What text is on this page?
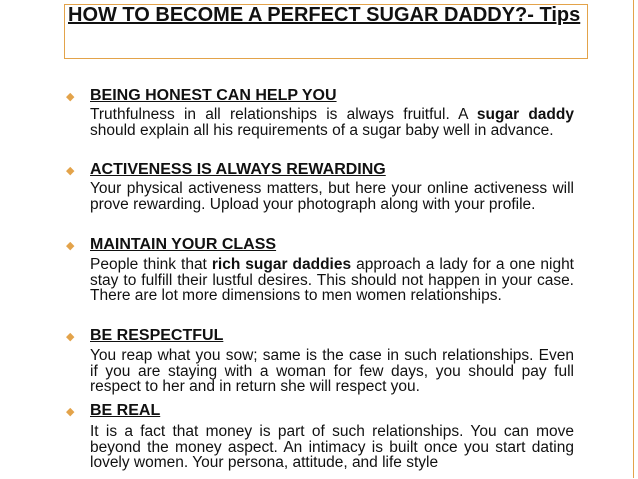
HOW TO BECOME A PERFECT SUGAR DADDY?- Tips
◆ BEING HONEST CAN HELP YOU

Truthfulness in all relationships is always fruitful. A sugar daddy should explain all his requirements of a sugar baby well in advance.

◆ ACTIVENESS IS ALWAYS REWARDING

Your physical activeness matters, but here your online activeness will prove rewarding. Upload your photograph along with your profile.

◆ MAINTAIN YOUR CLASS

People think that rich sugar daddies approach a lady for a one night stay to fulfill their lustful desires. This should not happen in your case. There are lot more dimensions to men women relationships.

◆ BE RESPECTFUL

You reap what you sow; same is the case in such relationships. Even if you are staying with a woman for few days, you should pay full respect to her and in return she will respect you.

◆ BE REAL

It is a fact that money is part of such relationships. You can move beyond the money aspect. An intimacy is built once you start dating lovely women. Your persona, attitude, and life style
